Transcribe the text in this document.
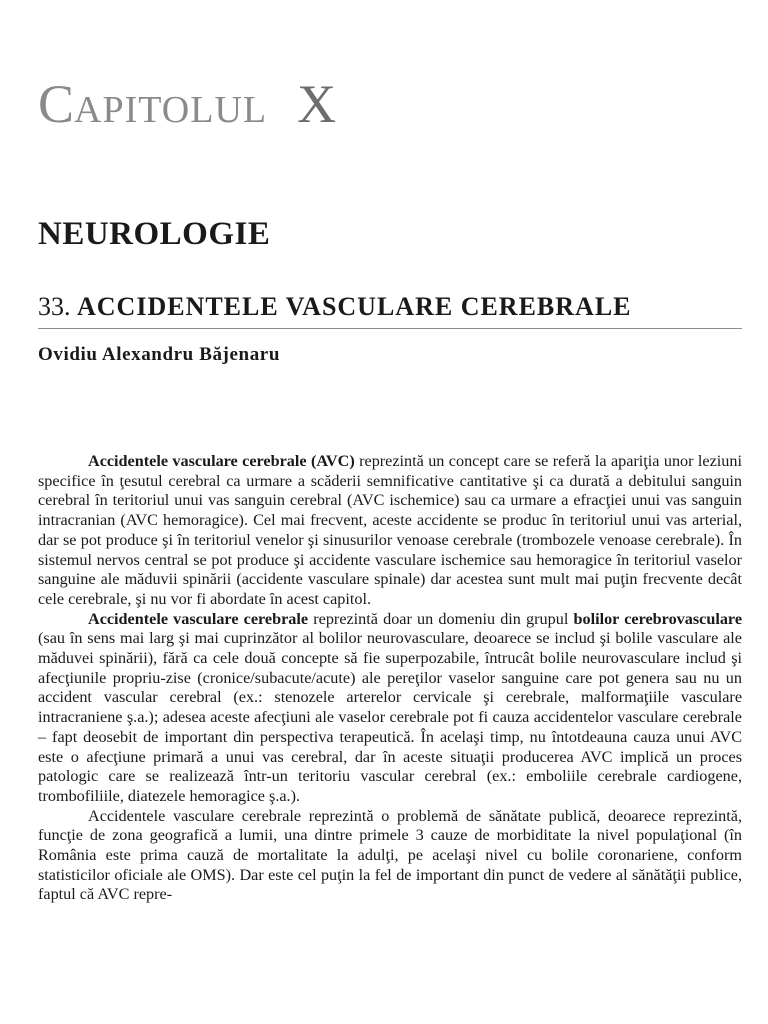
CAPITOLUL X
NEUROLOGIE
33. ACCIDENTELE VASCULARE CEREBRALE
Ovidiu Alexandru Băjenaru

Accidentele vasculare cerebrale (AVC) reprezintă un concept care se referă la apariţia unor leziuni specifice în ţesutul cerebral ca urmare a scăderii semnificative cantitative şi ca durată a debitului sanguin cerebral în teritoriul unui vas sanguin cerebral (AVC ischemice) sau ca urmare a efracţiei unui vas sanguin intracranian (AVC hemoragice). Cel mai frecvent, aceste accidente se produc în teritoriul unui vas arterial, dar se pot produce şi în teritoriul venelor şi sinusurilor venoase cerebrale (trombozele venoase cerebrale). În sistemul nervos central se pot produce şi accidente vasculare ischemice sau hemoragice în teritoriul vaselor sanguine ale măduvii spinării (accidente vasculare spinale) dar acestea sunt mult mai puţin frecvente decât cele cerebrale, şi nu vor fi abordate în acest capitol.

Accidentele vasculare cerebrale reprezintă doar un domeniu din grupul bolilor cerebrovasculare (sau în sens mai larg şi mai cuprinzător al bolilor neurovasculare, deoarece se includ şi bolile vasculare ale măduvei spinării), fără ca cele două concepte să fie superpozabile, întrucât bolile neurovasculare includ şi afecţiunile propriu-zise (cronice/subacute/acute) ale pereţilor vaselor sanguine care pot genera sau nu un accident vascular cerebral (ex.: stenozele arterelor cervicale şi cerebrale, malformaţiile vasculare intracraniene ş.a.); adesea aceste afecţiuni ale vaselor cerebrale pot fi cauza accidentelor vasculare cerebrale – fapt deosebit de important din perspectiva terapeutică. În acelaşi timp, nu întotdeauna cauza unui AVC este o afecţiune primară a unui vas cerebral, dar în aceste situaţii producerea AVC implică un proces patologic care se realizează într-un teritoriu vascular cerebral (ex.: emboliile cerebrale cardiogene, trombofiliile, diatezele hemoragice ş.a.).

Accidentele vasculare cerebrale reprezintă o problemă de sănătate publică, deoarece reprezintă, funcţie de zona geografică a lumii, una dintre primele 3 cauze de morbiditate la nivel populaţional (în România este prima cauză de mortalitate la adulţi, pe acelaşi nivel cu bolile coronariene, conform statisticilor oficiale ale OMS). Dar este cel puţin la fel de important din punct de vedere al sănătăţii publice, faptul că AVC repre-
